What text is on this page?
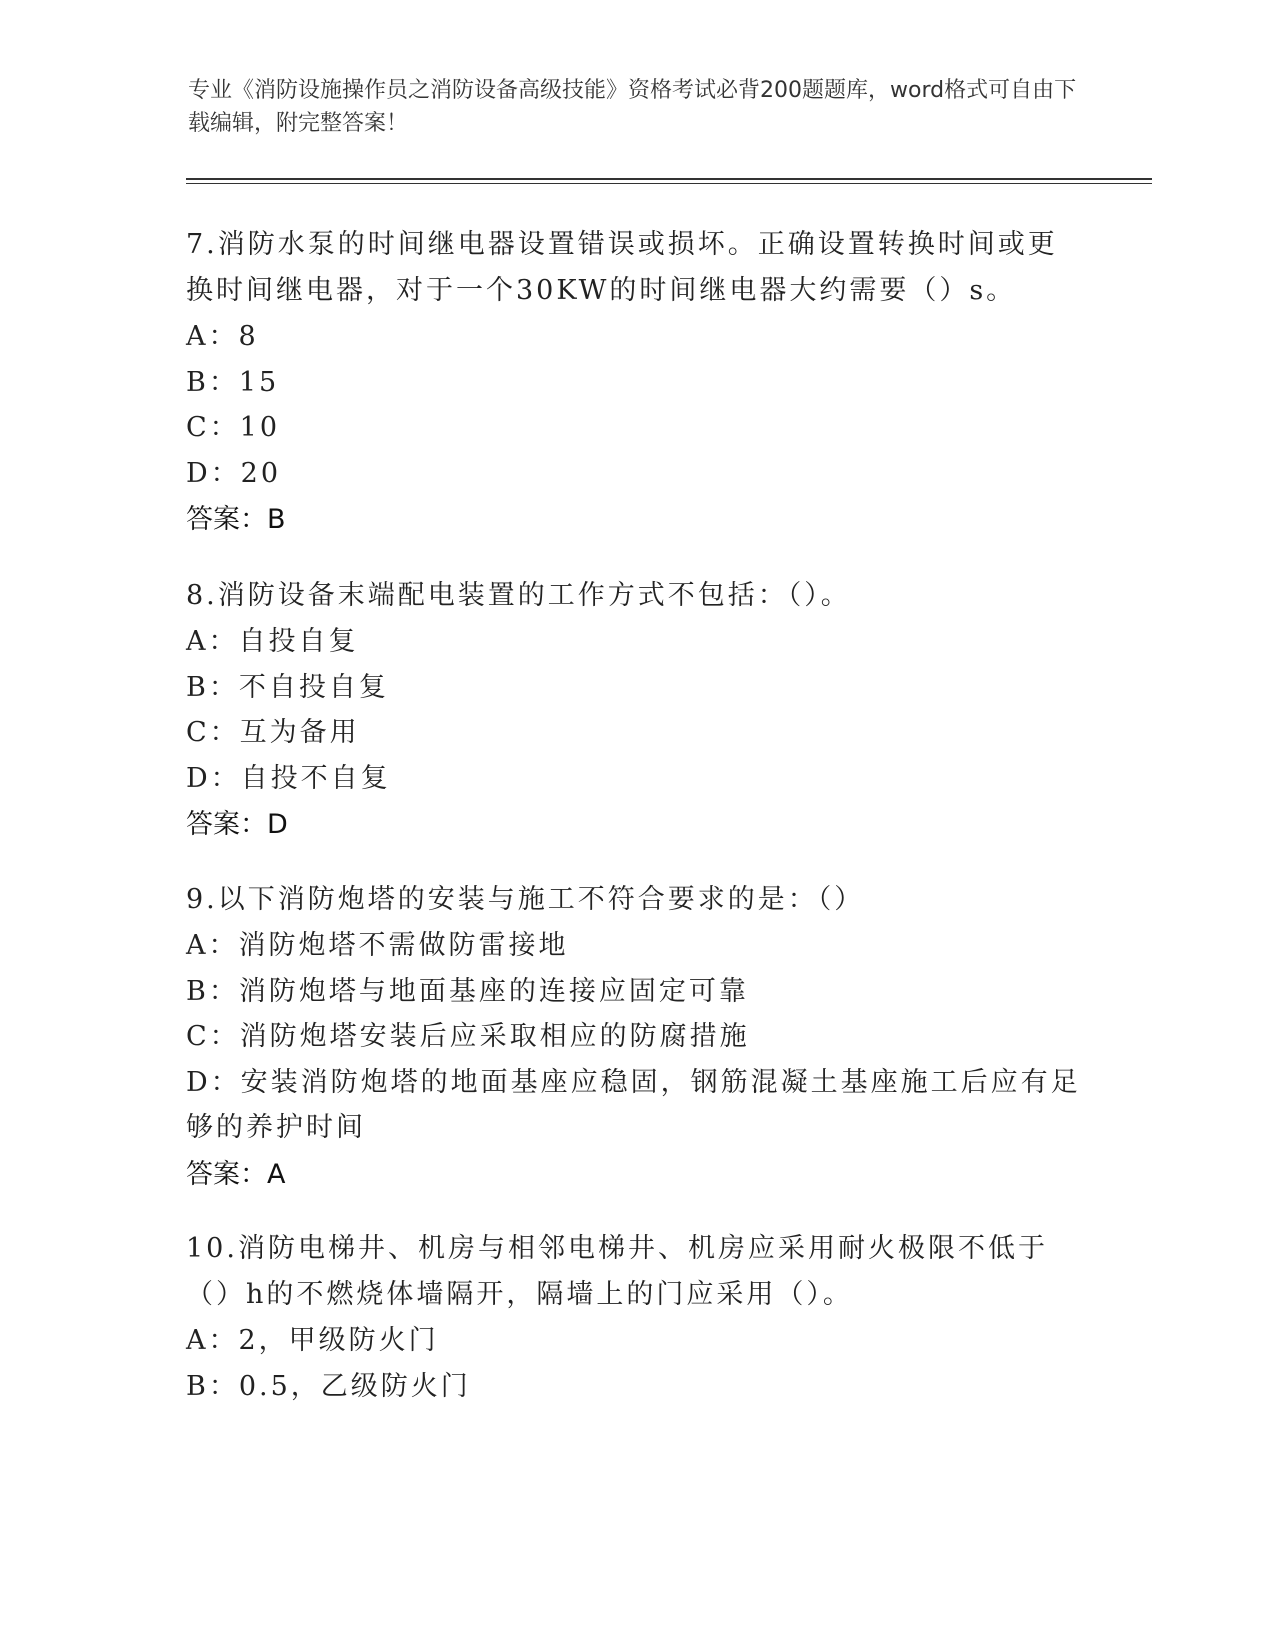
专业《消防设施操作员之消防设备高级技能》资格考试必背200题题库，word格式可自由下载编辑，附完整答案！
7.消防水泵的时间继电器设置错误或损坏。正确设置转换时间或更换时间继电器，对于一个30KW的时间继电器大约需要（）s。
A：8
B：15
C：10
D：20
答案：B
8.消防设备末端配电装置的工作方式不包括：（）。
A：自投自复
B：不自投自复
C：互为备用
D：自投不自复
答案：D
9.以下消防炮塔的安装与施工不符合要求的是：（）
A：消防炮塔不需做防雷接地
B：消防炮塔与地面基座的连接应固定可靠
C：消防炮塔安装后应采取相应的防腐措施
D：安装消防炮塔的地面基座应稳固，钢筋混凝土基座施工后应有足够的养护时间
答案：A
10.消防电梯井、机房与相邻电梯井、机房应采用耐火极限不低于（）h的不燃烧体墙隔开，隔墙上的门应采用（）。
A：2，甲级防火门
B：0.5，乙级防火门
